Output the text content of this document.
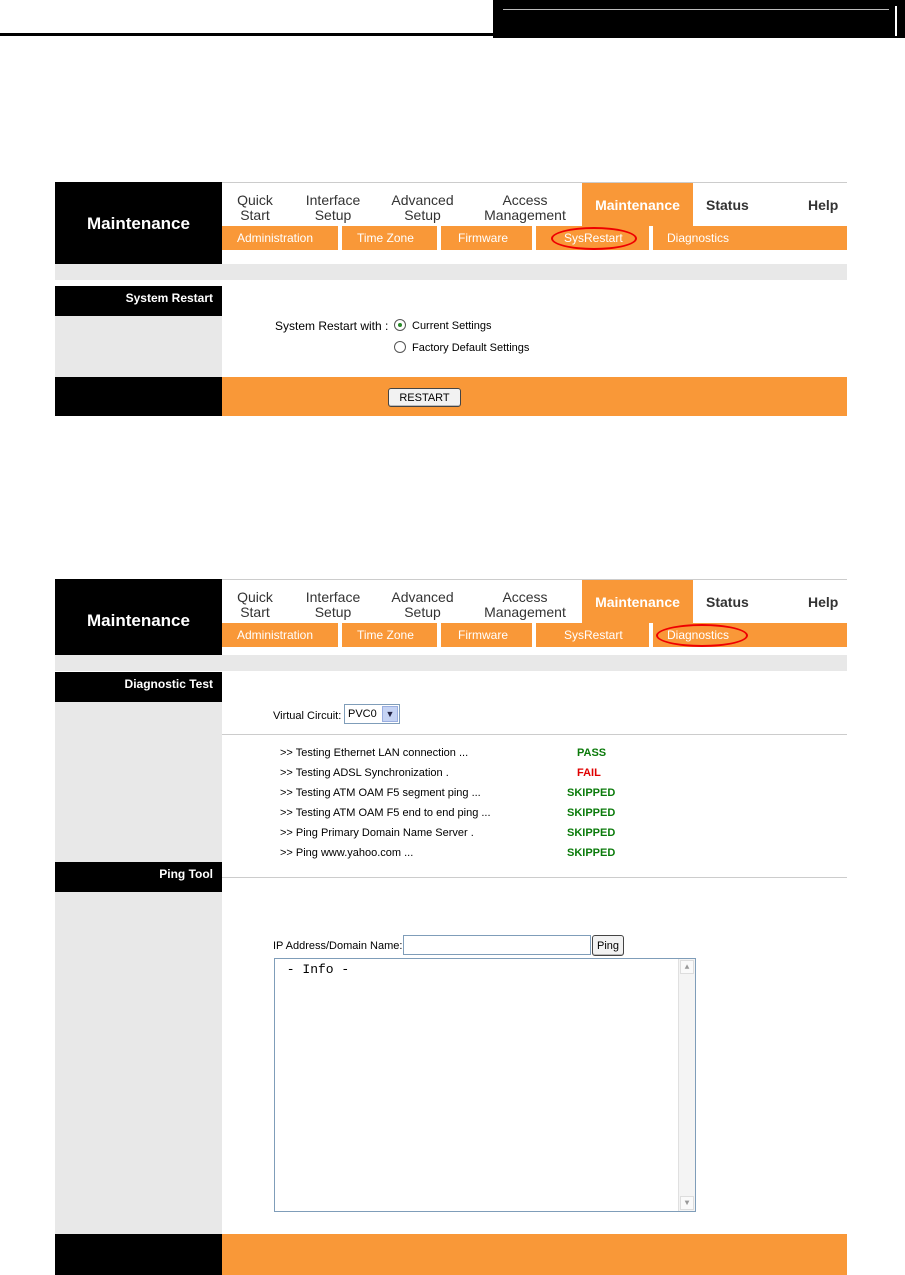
Quick
Start
Interface
Setup
Advanced
Setup
Access
Management
Maintenance	Status	Help
Maintenance
Administration	Time Zone	Firmware	SysRestart	Diagnostics
System Restart
System Restart with : Current Settings
Factory Default Settings
RESTART
Quick
Start
Interface
Setup
Advanced
Setup
Access
Management
Maintenance	Status	Help
Maintenance
Administration	Time Zone	Firmware	SysRestart	Diagnostics
Diagnostic Test
Virtual Circuit: PVC0 ▼
>> Testing Ethernet LAN connection ...	PASS
>> Testing ADSL Synchronization .	FAIL
>> Testing ATM OAM F5 segment ping ...	SKIPPED
>> Testing ATM OAM F5 end to end ping ...	SKIPPED
>> Ping Primary Domain Name Server .	SKIPPED
>> Ping www.yahoo.com ...	SKIPPED
Ping Tool
IP Address/Domain Name:	Ping
- Info -	▲
▼
